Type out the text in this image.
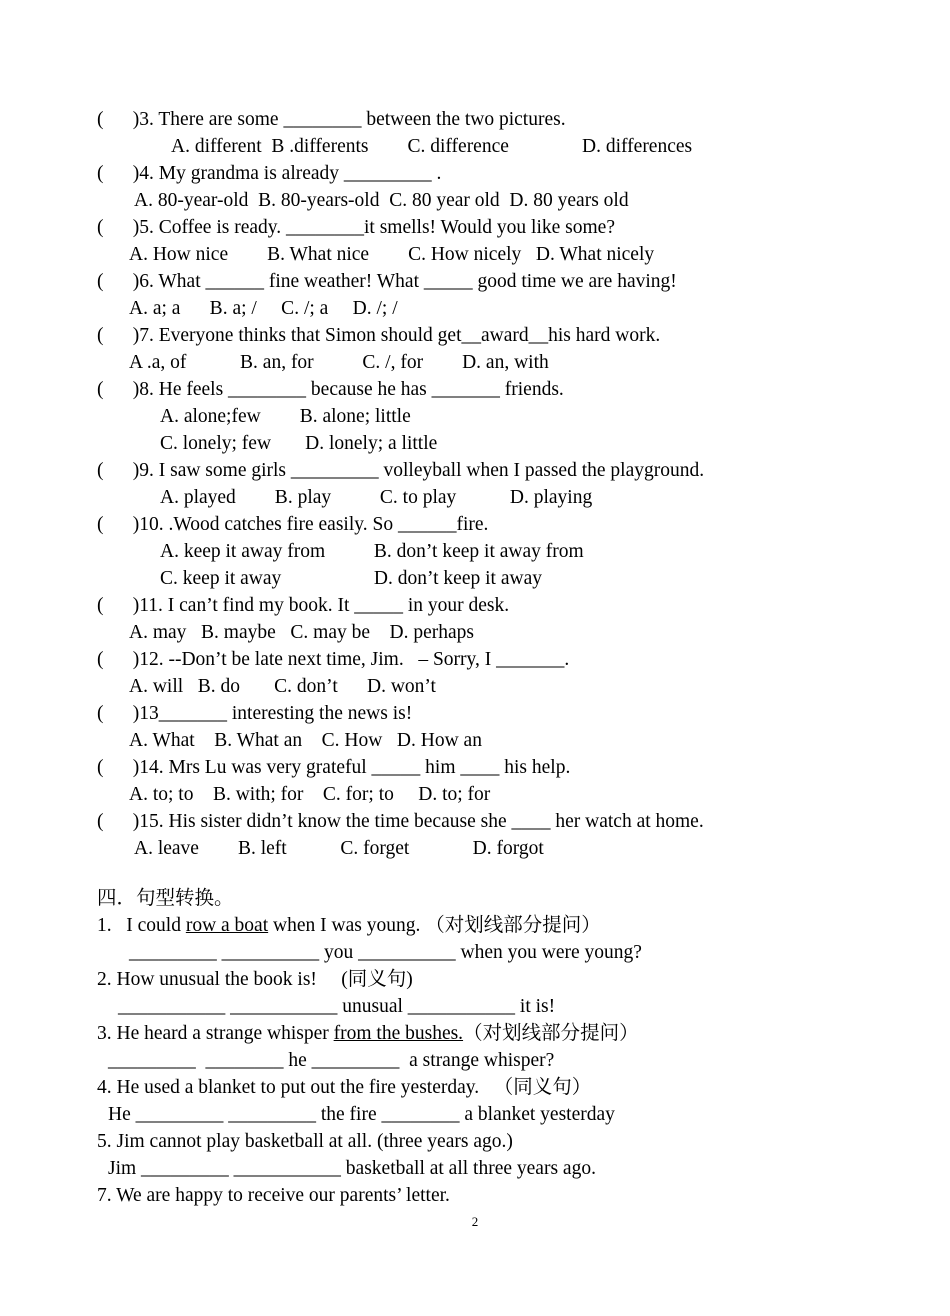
(      )3. There are some ________ between the two pictures.
A. different  B .differents        C. difference               D. differences
(      )4. My grandma is already _________ .
A. 80-year-old  B. 80-years-old  C. 80 year old  D. 80 years old
(      )5. Coffee is ready. ________it smells! Would you like some?
A. How nice        B. What nice        C. How nicely   D. What nicely
(      )6. What ______ fine weather! What _____ good time we are having!
A. a; a      B. a; /     C. /; a     D. /; /
(      )7. Everyone thinks that Simon should get__award__his hard work.
A .a, of           B. an, for          C. /, for        D. an, with
(      )8. He feels ________ because he has _______ friends.
A. alone;few        B. alone; little
C. lonely; few       D. lonely; a little
(      )9. I saw some girls _________ volleyball when I passed the playground.
A. played        B. play          C. to play           D. playing
(      )10. .Wood catches fire easily. So ______fire.
A. keep it away from          B. don’t keep it away from
C. keep it away                   D. don’t keep it away
(      )11. I can’t find my book. It _____ in your desk.
A. may   B. maybe   C. may be    D. perhaps
(      )12. --Don’t be late next time, Jim.   – Sorry, I _______.
A. will   B. do       C. don’t      D. won’t
(      )13_______ interesting the news is!
A. What    B. What an    C. How   D. How an
(      )14. Mrs Lu was very grateful _____ him ____ his help.
A. to; to    B. with; for    C. for; to     D. to; for
(      )15. His sister didn’t know the time because she ____ her watch at home.
A. leave        B. left           C. forget             D. forgot
四．句型转换。
1.   I could row a boat when I was young. （对划线部分提问）
_________ __________ you __________ when you were young?
2. How unusual the book is!     (同义句)
___________ ___________ unusual ___________ it is!
3. He heard a strange whisper from the bushes.（对划线部分提问）
_________  ________ he _________  a strange whisper?
4. He used a blanket to put out the fire yesterday.   （同义句）
He _________ _________ the fire ________ a blanket yesterday
5. Jim cannot play basketball at all. (three years ago.)
Jim _________ ___________ basketball at all three years ago.
7. We are happy to receive our parents’ letter.
2
